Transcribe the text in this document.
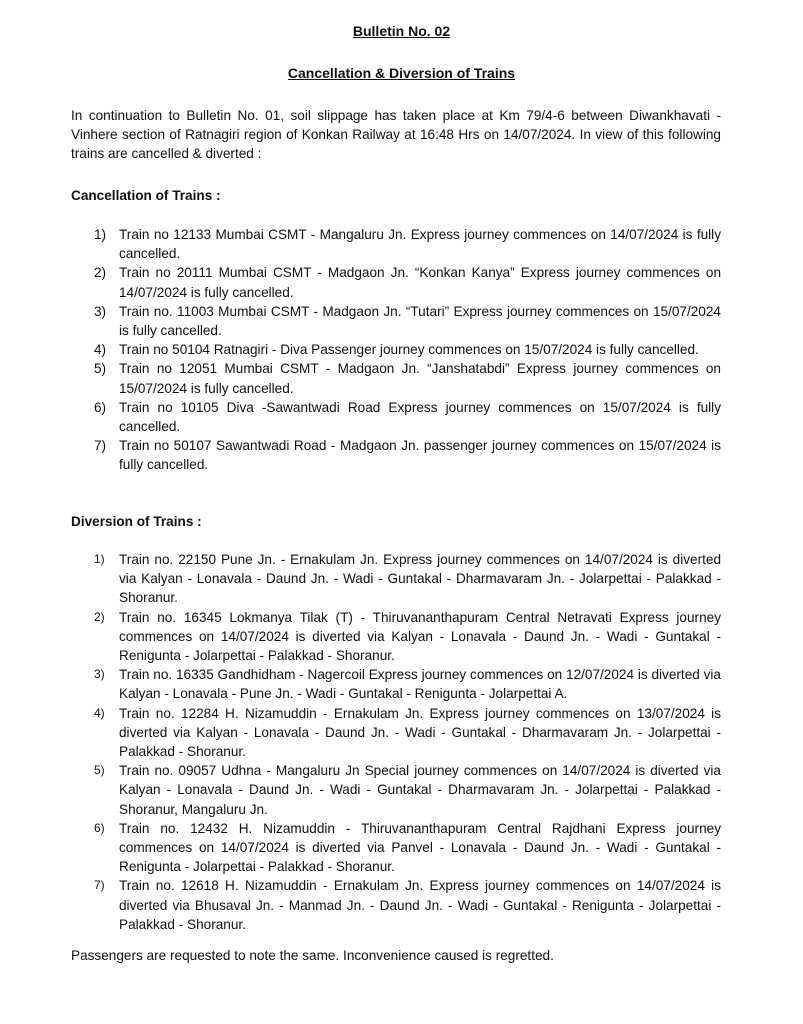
Bulletin No. 02
Cancellation & Diversion of Trains
In continuation to Bulletin No. 01, soil slippage has taken place at Km 79/4-6 between Diwankhavati - Vinhere section of Ratnagiri region of Konkan Railway at 16:48 Hrs on 14/07/2024. In view of this following trains are cancelled & diverted :
Cancellation of Trains :
1) Train no 12133 Mumbai CSMT - Mangaluru Jn. Express journey commences on 14/07/2024 is fully cancelled.
2) Train no 20111 Mumbai CSMT - Madgaon Jn. “Konkan Kanya” Express journey commences on 14/07/2024 is fully cancelled.
3) Train no. 11003 Mumbai CSMT - Madgaon Jn. “Tutari” Express journey commences on 15/07/2024 is fully cancelled.
4) Train no 50104 Ratnagiri - Diva Passenger journey commences on 15/07/2024 is fully cancelled.
5) Train no 12051 Mumbai CSMT - Madgaon Jn. “Janshatabdi” Express journey commences on 15/07/2024 is fully cancelled.
6) Train no 10105 Diva -Sawantwadi Road Express journey commences on 15/07/2024 is fully cancelled.
7) Train no 50107 Sawantwadi Road - Madgaon Jn. passenger journey commences on 15/07/2024 is fully cancelled.
Diversion of Trains :
1) Train no. 22150 Pune Jn. - Ernakulam Jn. Express journey commences on 14/07/2024 is diverted via Kalyan - Lonavala - Daund Jn. - Wadi - Guntakal - Dharmavaram Jn. - Jolarpettai - Palakkad - Shoranur.
2) Train no. 16345 Lokmanya Tilak (T) - Thiruvananthapuram Central Netravati Express journey commences on 14/07/2024 is diverted via Kalyan - Lonavala - Daund Jn. - Wadi - Guntakal - Renigunta - Jolarpettai - Palakkad - Shoranur.
3) Train no. 16335 Gandhidham - Nagercoil Express journey commences on 12/07/2024 is diverted via Kalyan - Lonavala - Pune Jn. - Wadi - Guntakal - Renigunta - Jolarpettai A.
4) Train no. 12284 H. Nizamuddin - Ernakulam Jn. Express journey commences on 13/07/2024 is diverted via Kalyan - Lonavala - Daund Jn. - Wadi - Guntakal - Dharmavaram Jn. - Jolarpettai - Palakkad - Shoranur.
5) Train no. 09057 Udhna - Mangaluru Jn Special journey commences on 14/07/2024 is diverted via Kalyan - Lonavala - Daund Jn. - Wadi - Guntakal - Dharmavaram Jn. - Jolarpettai - Palakkad - Shoranur, Mangaluru Jn.
6) Train no. 12432 H. Nizamuddin - Thiruvananthapuram Central Rajdhani Express journey commences on 14/07/2024 is diverted via Panvel - Lonavala - Daund Jn. - Wadi - Guntakal - Renigunta - Jolarpettai - Palakkad - Shoranur.
7) Train no. 12618 H. Nizamuddin - Ernakulam Jn. Express journey commences on 14/07/2024 is diverted via Bhusaval Jn. - Manmad Jn. - Daund Jn. - Wadi - Guntakal - Renigunta - Jolarpettai - Palakkad - Shoranur.
Passengers are requested to note the same. Inconvenience caused is regretted.
